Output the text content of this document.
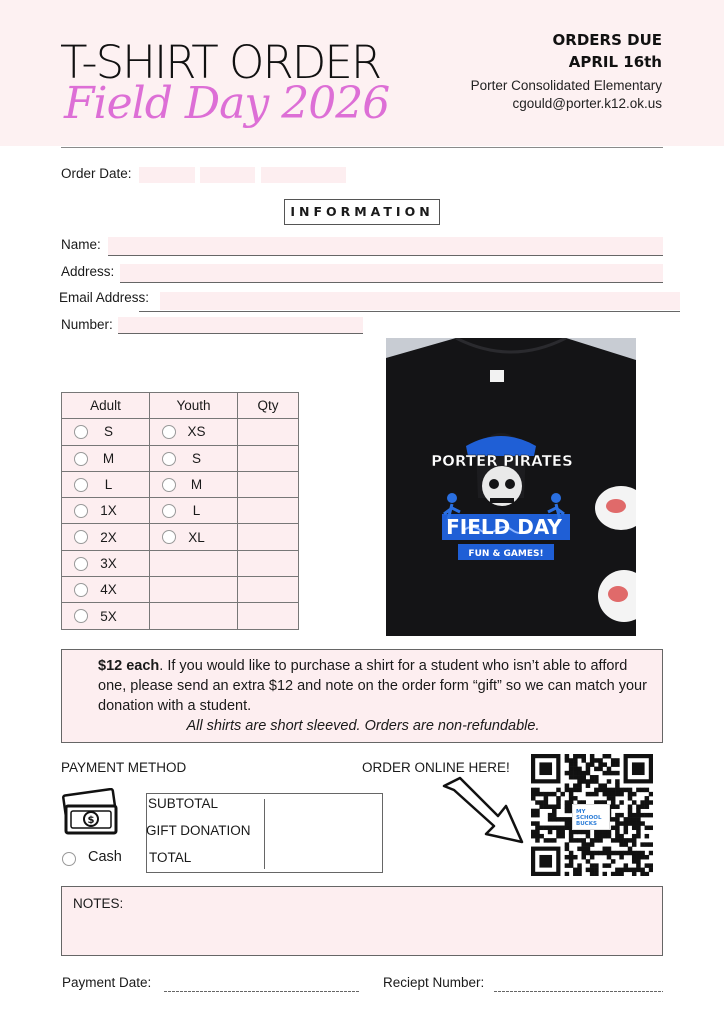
T-SHIRT ORDER
Field Day 2026
ORDERS DUE
APRIL 16th
Porter Consolidated Elementary
cgould@porter.k12.ok.us
Order Date:
INFORMATION
Name:
Address:
Email Address:
Number:
Adult	Youth	Qty

S	XS	

M	S	

L	M	

1X	L	

2X	XL	

3X		

4X		

5X		
PORTER PIRATES
FIELD DAY
FUN & GAMES!
$12 each. If you would like to purchase a shirt for a student who isn’t able to afford one, please send an extra $12 and note on the order form “gift” so we can match your donation with a student.
All shirts are short sleeved. Orders are non-refundable.
PAYMENT METHOD
$
Cash
SUBTOTAL
GIFT DONATION
TOTAL
ORDER ONLINE HERE!
MY SCHOOL BUCKS
NOTES:
Payment Date:	Reciept Number:
